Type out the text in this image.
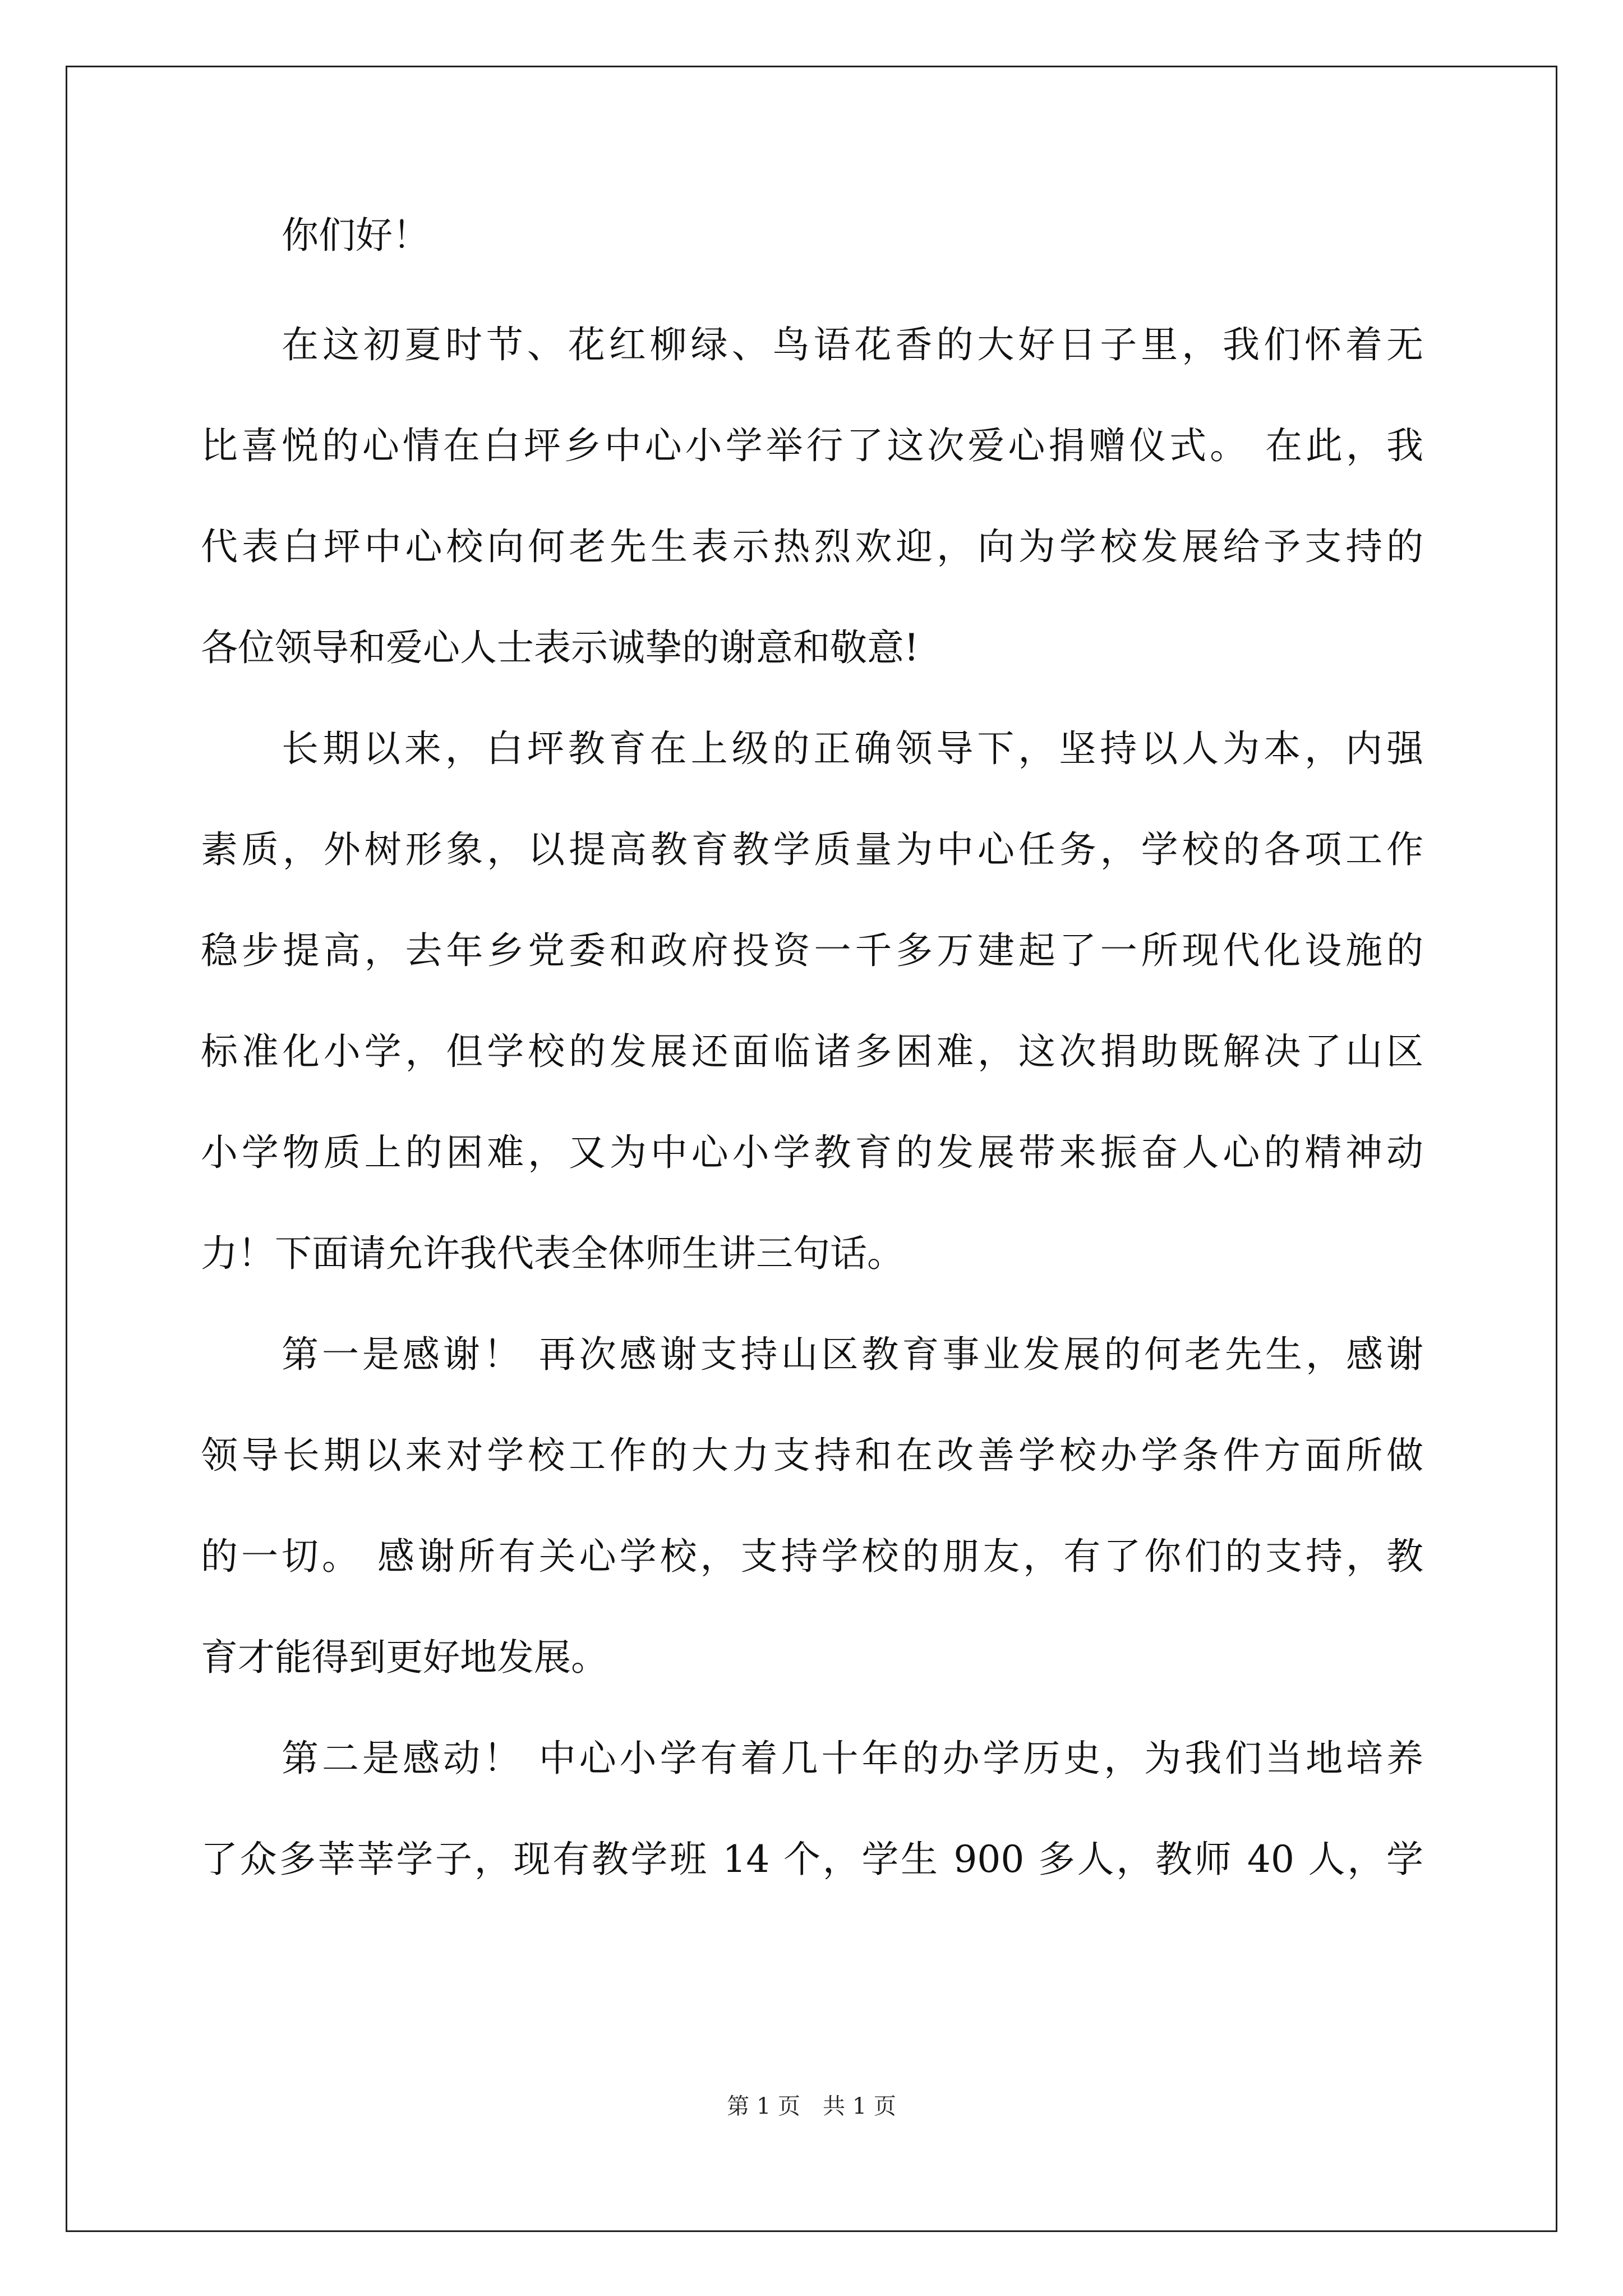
你们好！
在这初夏时节、花红柳绿、鸟语花香的大好日子里，我们怀着无
比喜悦的心情在白坪乡中心小学举行了这次爱心捐赠仪式。 在此，我
代表白坪中心校向何老先生表示热烈欢迎，向为学校发展给予支持的
各位领导和爱心人士表示诚挚的谢意和敬意!
长期以来，白坪教育在上级的正确领导下，坚持以人为本，内强
素质，外树形象，以提高教育教学质量为中心任务，学校的各项工作
稳步提高，去年乡党委和政府投资一千多万建起了一所现代化设施的
标准化小学，但学校的发展还面临诸多困难，这次捐助既解决了山区
小学物质上的困难，又为中心小学教育的发展带来振奋人心的精神动
力！下面请允许我代表全体师生讲三句话。
第一是感谢！ 再次感谢支持山区教育事业发展的何老先生，感谢
领导长期以来对学校工作的大力支持和在改善学校办学条件方面所做
的一切。 感谢所有关心学校，支持学校的朋友，有了你们的支持，教
育才能得到更好地发展。
第二是感动！ 中心小学有着几十年的办学历史，为我们当地培养
了众多莘莘学子，现有教学班 14 个，学生 900 多人，教师 40 人，学
第 1 页 共 1 页
